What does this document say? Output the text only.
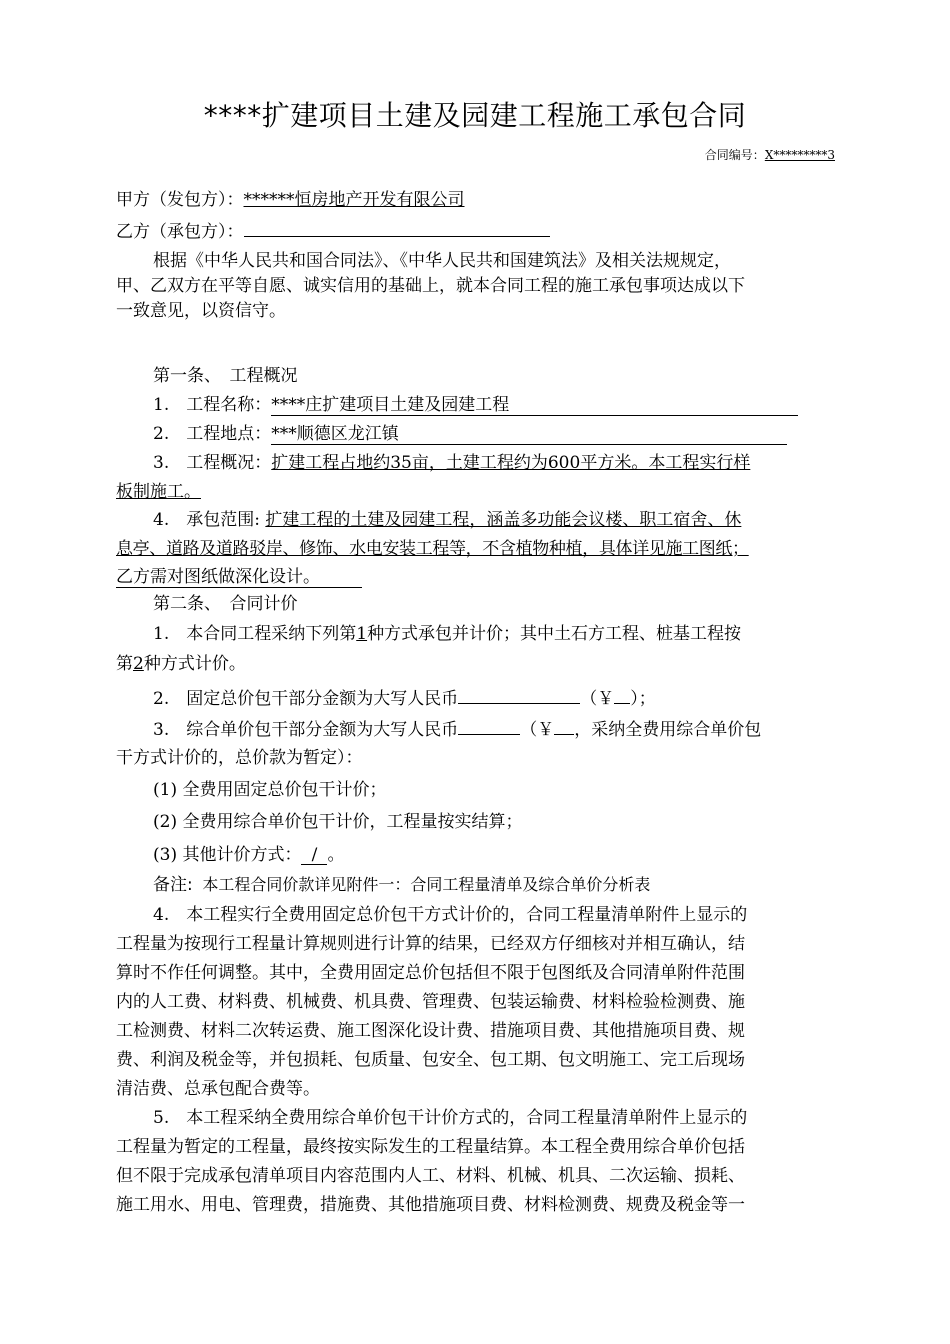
****扩建项目土建及园建工程施工承包合同
合同编号：X*********3
甲方（发包方）：******恒房地产开发有限公司
乙方（承包方）：
根据《中华人民共和国合同法》、《中华人民共和国建筑法》及相关法规规定，
甲、乙双方在平等自愿、诚实信用的基础上，就本合同工程的施工承包事项达成以下
一致意见，以资信守。
第一条、　工程概况
1.　工程名称：****庄扩建项目土建及园建工程
2.　工程地点：***顺德区龙江镇
3.　工程概况：扩建工程占地约35亩，土建工程约为600平方米。本工程实行样
板制施工。
4.　承包范围: 扩建工程的土建及园建工程，涵盖多功能会议楼、职工宿舍、休
息亭、道路及道路驳岸、修饰、水电安装工程等，不含植物种植，具体详见施工图纸；
乙方需对图纸做深化设计。
第二条、　合同计价
1.　本合同工程采纳下列第1种方式承包并计价；其中土石方工程、桩基工程按
第2种方式计价。
2.　固定总价包干部分金额为大写人民币	（￥ ）；
3.　综合单价包干部分金额为大写人民币	（￥ ，采纳全费用综合单价包
干方式计价的，总价款为暂定）：
(1) 全费用固定总价包干计价；
(2) 全费用综合单价包干计价，工程量按实结算；
(3) 其他计价方式： / 。
备注: 本工程合同价款详见附件一：合同工程量清单及综合单价分析表
4.　本工程实行全费用固定总价包干方式计价的，合同工程量清单附件上显示的
工程量为按现行工程量计算规则进行计算的结果，已经双方仔细核对并相互确认，结
算时不作任何调整。其中，全费用固定总价包括但不限于包图纸及合同清单附件范围
内的人工费、材料费、机械费、机具费、管理费、包装运输费、材料检验检测费、施
工检测费、材料二次转运费、施工图深化设计费、措施项目费、其他措施项目费、规
费、利润及税金等，并包损耗、包质量、包安全、包工期、包文明施工、完工后现场
清洁费、总承包配合费等。
5.　本工程采纳全费用综合单价包干计价方式的，合同工程量清单附件上显示的
工程量为暂定的工程量，最终按实际发生的工程量结算。本工程全费用综合单价包括
但不限于完成承包清单项目内容范围内人工、材料、机械、机具、二次运输、损耗、
施工用水、用电、管理费，措施费、其他措施项目费、材料检测费、规费及税金等一
